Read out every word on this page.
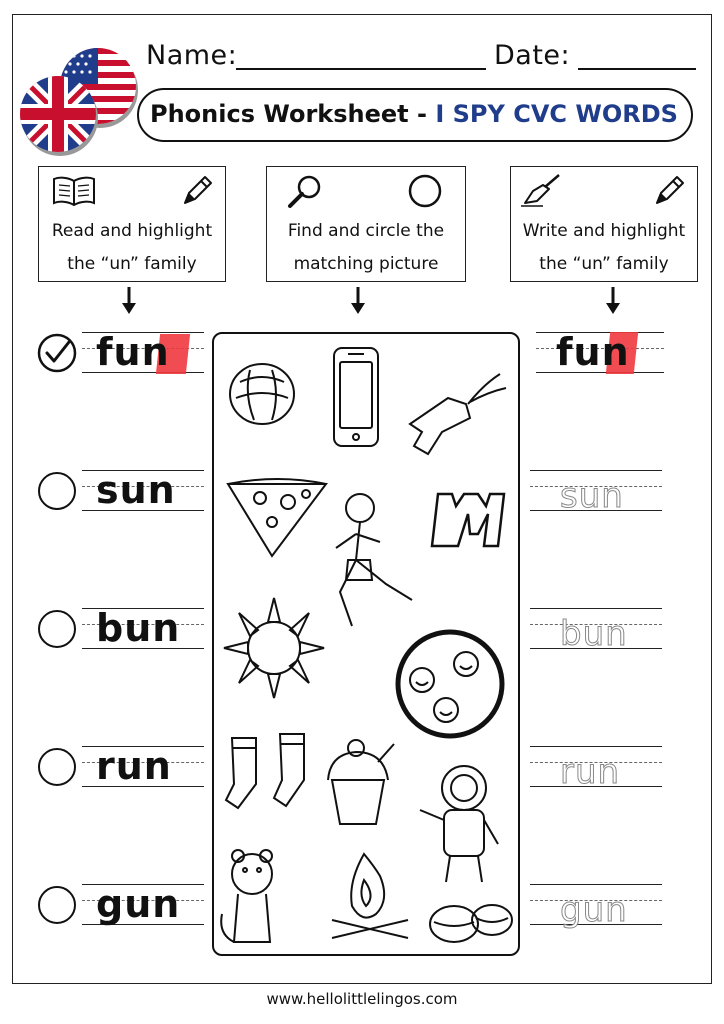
Name:	Date:
Phonics Worksheet - I SPY CVC WORDS
Read and highlight
the “un” family
Find and circle the
matching picture
Write and highlight
the “un” family
fun
sun
bun
run
gun
fun
sun
bun
run
gun
www.hellolittlelingos.com
